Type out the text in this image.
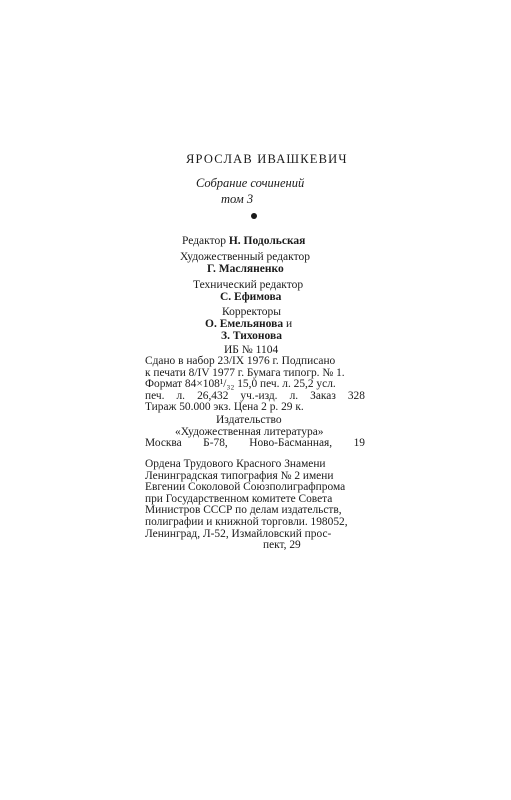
ЯРОСЛАВ ИВАШКЕВИЧ
Собрание сочинений
том 3
Редактор Н. Подольская
Художественный редактор
Г. Масляненко
Технический редактор
С. Ефимова
Корректоры
О. Емельянова и
З. Тихонова
ИБ № 1104
Сдано в набор 23/IX 1976 г. Подписано
к печати 8/IV 1977 г. Бумага типогр. № 1.
Формат 84×108¹/₃₂ 15,0 печ. л. 25,2 усл.
печ. л. 26,432 уч.-изд. л. Заказ 328
Тираж 50.000 экз. Цена 2 р. 29 к.
Издательство
«Художественная литература»
Москва Б-78, Ново-Басманная, 19
Ордена Трудового Красного Знамени
Ленинградская типография № 2 имени
Евгении Соколовой Союзполиграфпрома
при Государственном комитете Совета
Министров СССР по делам издательств,
полиграфии и книжной торговли. 198052,
Ленинград, Л-52, Измайловский прос-
пект, 29
